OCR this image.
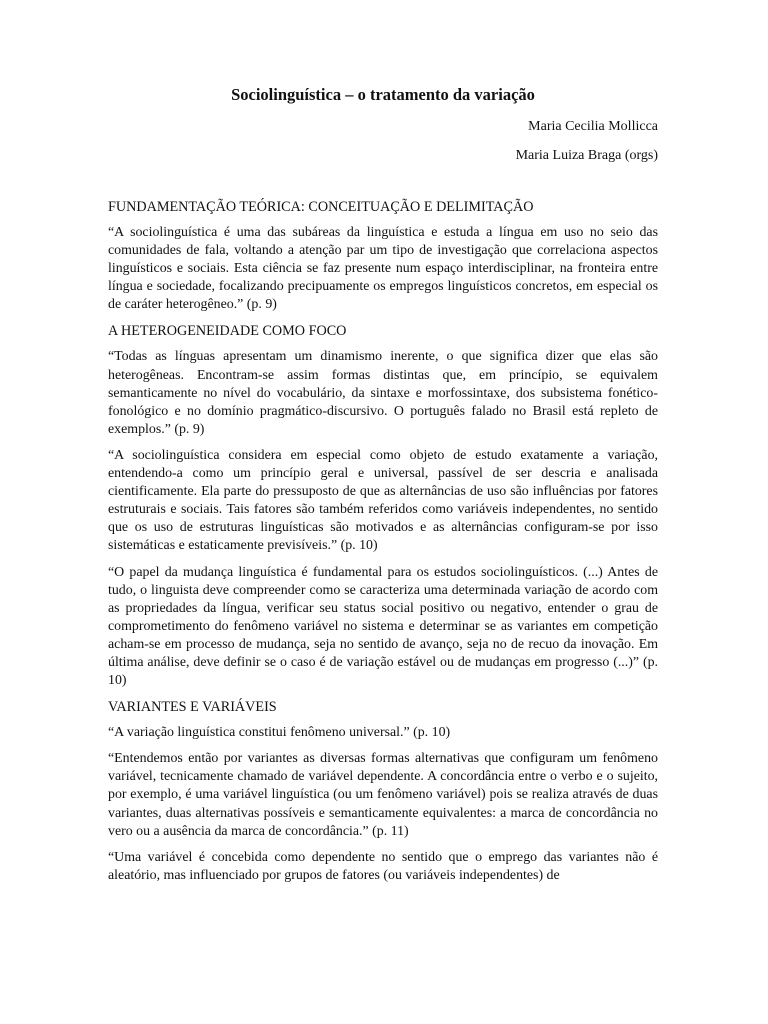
Sociolinguística – o tratamento da variação

Maria Cecilia Mollicca

Maria Luiza Braga (orgs)

FUNDAMENTAÇÃO TEÓRICA: CONCEITUAÇÃO E DELIMITAÇÃO

“A sociolinguística é uma das subáreas da linguística e estuda a língua em uso no seio das comunidades de fala, voltando a atenção par um tipo de investigação que correlaciona aspectos linguísticos e sociais. Esta ciência se faz presente num espaço interdisciplinar, na fronteira entre língua e sociedade, focalizando precipuamente os empregos linguísticos concretos, em especial os de caráter heterogêneo.” (p. 9)

A HETEROGENEIDADE COMO FOCO

“Todas as línguas apresentam um dinamismo inerente, o que significa dizer que elas são heterogêneas. Encontram-se assim formas distintas que, em princípio, se equivalem semanticamente no nível do vocabulário, da sintaxe e morfossintaxe, dos subsistema fonético-fonológico e no domínio pragmático-discursivo. O português falado no Brasil está repleto de exemplos.” (p. 9)

“A sociolinguística considera em especial como objeto de estudo exatamente a variação, entendendo-a como um princípio geral e universal, passível de ser descria e analisada cientificamente. Ela parte do pressuposto de que as alternâncias de uso são influências por fatores estruturais e sociais. Tais fatores são também referidos como variáveis independentes, no sentido que os uso de estruturas linguísticas são motivados e as alternâncias configuram-se por isso sistemáticas e estaticamente previsíveis.” (p. 10)

“O papel da mudança linguística é fundamental para os estudos sociolinguísticos. (...) Antes de tudo, o linguista deve compreender como se caracteriza uma determinada variação de acordo com as propriedades da língua, verificar seu status social positivo ou negativo, entender o grau de comprometimento do fenômeno variável no sistema e determinar se as variantes em competição acham-se em processo de mudança, seja no sentido de avanço, seja no de recuo da inovação. Em última análise, deve definir se o caso é de variação estável ou de mudanças em progresso (...)” (p. 10)

VARIANTES E VARIÁVEIS

“A variação linguística constitui fenômeno universal.” (p. 10)

“Entendemos então por variantes as diversas formas alternativas que configuram um fenômeno variável, tecnicamente chamado de variável dependente. A concordância entre o verbo e o sujeito, por exemplo, é uma variável linguística (ou um fenômeno variável) pois se realiza através de duas variantes, duas alternativas possíveis e semanticamente equivalentes: a marca de concordância no vero ou a ausência da marca de concordância.” (p. 11)

“Uma variável é concebida como dependente no sentido que o emprego das variantes não é aleatório, mas influenciado por grupos de fatores (ou variáveis independentes) de
